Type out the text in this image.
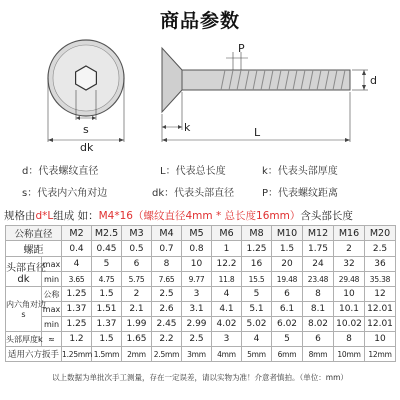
商品参数
s
dk
P
d
k	L
d：代表螺纹直径	L：代表总长度	k：代表头部厚度
s：代表内六角对边	dk：代表头部直径	P：代表螺纹距离
规格由d*L组成 如：M4*16（螺纹直径4mm * 总长度16mm）含头部长度
公称直径		M2	M2.5	M3	M4	M5	M6	M8	M10	M12	M16	M20
螺距		0.4	0.45	0.5	0.7	0.8	1	1.25	1.5	1.75	2	2.5

头部直径
dk	max	4	5	6	8	10	12.2	16	20	24	32	36
	min	3.65	4.75	5.75	7.65	9.77	11.8	15.5	19.48	23.48	29.48	35.38

内六角对边
s	公称	1.25	1.5	2	2.5	3	4	5	6	8	10	12
	max	1.37	1.51	2.1	2.6	3.1	4.1	5.1	6.1	8.1	10.1	12.01
	min	1.25	1.37	1.99	2.45	2.99	4.02	5.02	6.02	8.02	10.02	12.01
头部厚度k	≈	1.2	1.5	1.65	2.2	2.5	3	4	5	6	8	10
适用六方扳手		1.25mm	1.5mm	2mm	2.5mm	3mm	4mm	5mm	6mm	8mm	10mm	12mm
以上数据为单批次手工测量，存在一定误差，请以实物为准！介意者慎拍。（单位：mm）
